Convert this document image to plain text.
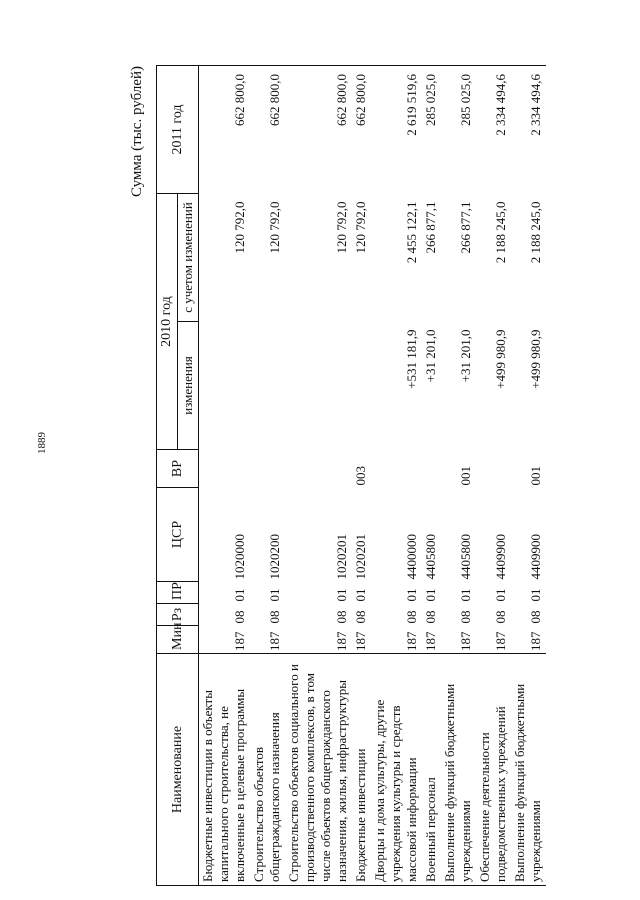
1889
Сумма (тыс. рублей)
Наименование	Мин	Рз	ПР	ЦСР	ВР	2010 год		2011 год
						изменения	с учетом изменений	
Бюджетные инвестиции в объекты капитального строительства, не включенные в целевые программы	187	08	01	1020000			120 792,0	662 800,0
Строительство объектов общегражданского назначения	187	08	01	1020200			120 792,0	662 800,0
Строительство объектов социального и производственного комплексов, в том числе объектов общегражданского назначения, жилья, инфраструктуры	187	08	01	1020201			120 792,0	662 800,0
Бюджетные инвестиции	187	08	01	1020201	003		120 792,0	662 800,0
Дворцы и дома культуры, другие учреждения культуры и средств массовой информации	187	08	01	4400000		+531 181,9	2 455 122,1	2 619 519,6
Военный персонал	187	08	01	4405800		+31 201,0	266 877,1	285 025,0
Выполнение функций бюджетными учреждениями	187	08	01	4405800	001	+31 201,0	266 877,1	285 025,0
Обеспечение деятельности подведомственных учреждений	187	08	01	4409900		+499 980,9	2 188 245,0	2 334 494,6
Выполнение функций бюджетными учреждениями	187	08	01	4409900	001	+499 980,9	2 188 245,0	2 334 494,6
